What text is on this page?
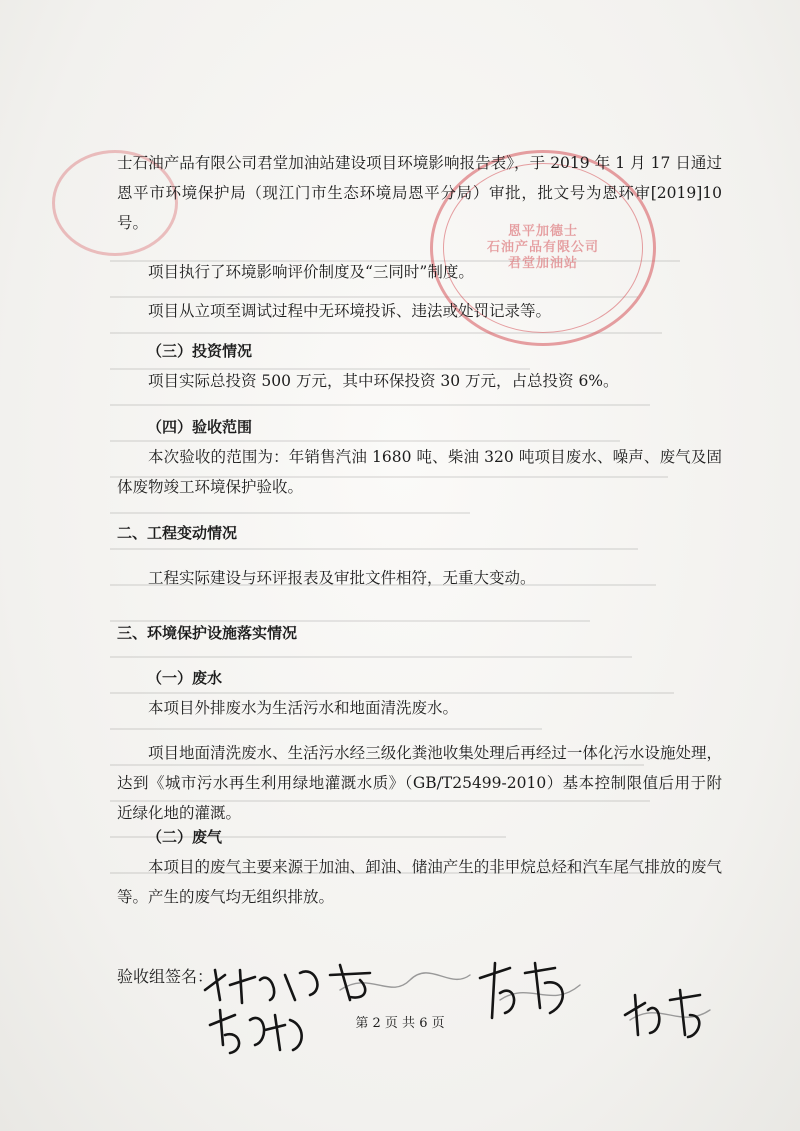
恩平加德士
石油产品有限公司
君堂加油站

士石油产品有限公司君堂加油站建设项目环境影响报告表》，于 2019 年 1 月 17 日通过恩平市环境保护局（现江门市生态环境局恩平分局）审批，批文号为恩环审[2019]10号。

项目执行了环境影响评价制度及“三同时”制度。

项目从立项至调试过程中无环境投诉、违法或处罚记录等。

（三）投资情况

项目实际总投资 500 万元，其中环保投资 30 万元，占总投资 6%。

（四）验收范围

本次验收的范围为：年销售汽油 1680 吨、柴油 320 吨项目废水、噪声、废气及固体废物竣工环境保护验收。

二、工程变动情况

工程实际建设与环评报表及审批文件相符，无重大变动。

三、环境保护设施落实情况

（一）废水

本项目外排废水为生活污水和地面清洗废水。

项目地面清洗废水、生活污水经三级化粪池收集处理后再经过一体化污水设施处理，达到《城市污水再生利用绿地灌溉水质》（GB/T25499-2010）基本控制限值后用于附近绿化地的灌溉。

（二）废气

本项目的废气主要来源于加油、卸油、储油产生的非甲烷总烃和汽车尾气排放的废气等。产生的废气均无组织排放。

验收组签名：
第 2 页 共 6 页
